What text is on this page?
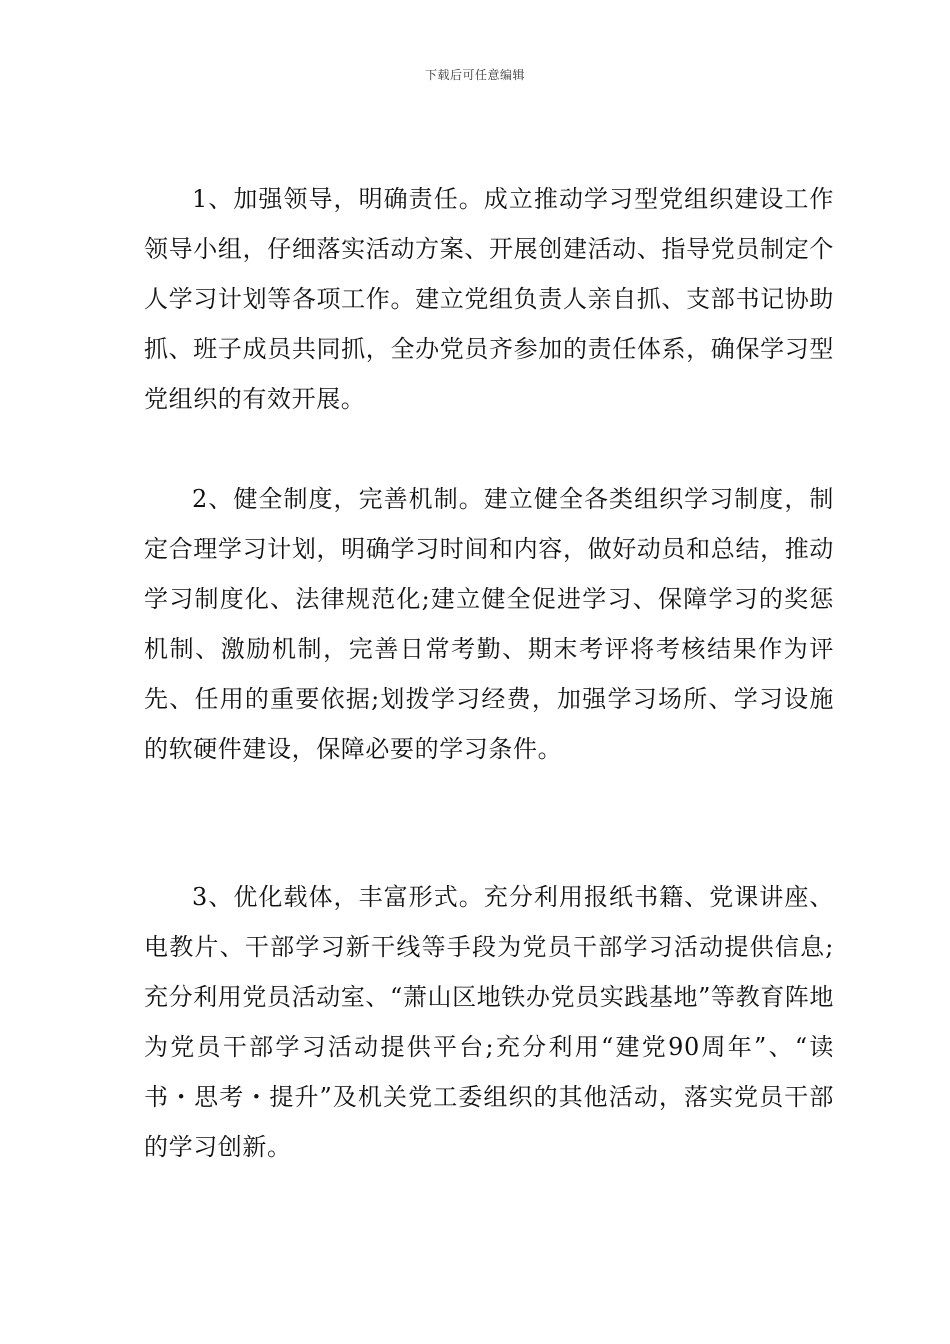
下载后可任意编辑

1、加强领导，明确责任。成立推动学习型党组织建设工作领导小组，仔细落实活动方案、开展创建活动、指导党员制定个人学习计划等各项工作。建立党组负责人亲自抓、支部书记协助抓、班子成员共同抓，全办党员齐参加的责任体系，确保学习型党组织的有效开展。

2、健全制度，完善机制。建立健全各类组织学习制度，制定合理学习计划，明确学习时间和内容，做好动员和总结，推动学习制度化、法律规范化;建立健全促进学习、保障学习的奖惩机制、激励机制，完善日常考勤、期末考评将考核结果作为评先、任用的重要依据;划拨学习经费，加强学习场所、学习设施的软硬件建设，保障必要的学习条件。

3、优化载体，丰富形式。充分利用报纸书籍、党课讲座、电教片、干部学习新干线等手段为党员干部学习活动提供信息;充分利用党员活动室、“萧山区地铁办党员实践基地”等教育阵地为党员干部学习活动提供平台;充分利用“建党90周年”、“读书・思考・提升”及机关党工委组织的其他活动，落实党员干部的学习创新。
